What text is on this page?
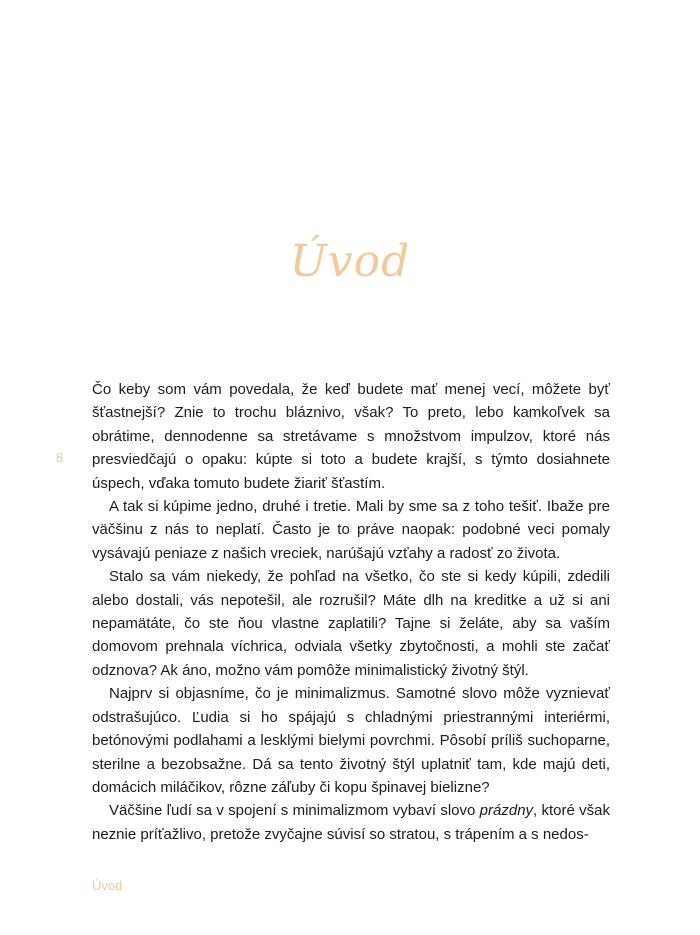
Úvod
8

Čo keby som vám povedala, že keď budete mať menej vecí, môžete byť šťastnejší? Znie to trochu bláznivo, však? To preto, lebo kamkoľvek sa obrátime, dennodenne sa stretávame s množstvom impulzov, ktoré nás presviedčajú o opaku: kúpte si toto a budete krajší, s týmto dosiahnete úspech, vďaka tomuto budete žiariť šťastím.

A tak si kúpime jedno, druhé i tretie. Mali by sme sa z toho tešiť. Ibaže pre väčšinu z nás to neplatí. Často je to práve naopak: podobné veci pomaly vysávajú peniaze z našich vreciek, narúšajú vzťahy a radosť zo života.

Stalo sa vám niekedy, že pohľad na všetko, čo ste si kedy kúpili, zdedili alebo dostali, vás nepotešil, ale rozrušil? Máte dlh na kreditke a už si ani nepamätáte, čo ste ňou vlastne zaplatili? Tajne si želáte, aby sa vaším domovom prehnala víchrica, odviala všetky zbytočnosti, a mohli ste začať odznova? Ak áno, možno vám pomôže minimalistický životný štýl.

Najprv si objasníme, čo je minimalizmus. Samotné slovo môže vyznievať odstrašujúco. Ľudia si ho spájajú s chladnými priestrannými interiérmi, betónovými podlahami a lesklými bielymi povrchmi. Pôsobí príliš suchoparne, sterilne a bezobsažne. Dá sa tento životný štýl uplatniť tam, kde majú deti, domácich miláčikov, rôzne záľuby či kopu špinavej bielizne?

Väčšine ľudí sa v spojení s minimalizmom vybaví slovo prázdny, ktoré však neznie príťažlivo, pretože zvyčajne súvisí so stratou, s trápením a s nedos-

Úvod
